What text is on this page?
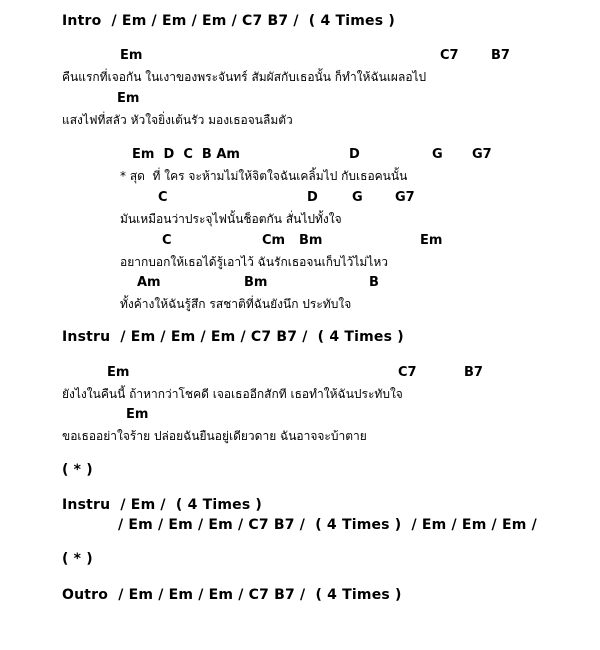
Intro  / Em / Em / Em / C7 B7 /  ( 4 Times )
Em	C7 B7
คืนแรกที่เจอกัน ในเงาของพระจันทร์ สัมผัสกับเธอนั้น ก็ทำให้ฉันเผลอไป
Em
แสงไฟที่สลัว หัวใจยิ่งเต้นรัว มองเธอจนลืมตัว
Em  D  C  B Am	D	G G7
* สุด  ที่ ใคร จะห้ามไม่ให้จิตใจฉันเคลิ้มไป กับเธอคนนั้น
C	D	G G7
มันเหมือนว่าประจุไฟนั้นช็อตกัน สั่นไปทั้งใจ
C	Cm Bm	Em
อยากบอกให้เธอได้รู้เอาไว้ ฉันรักเธอจนเก็บไว้ไม่ไหว
Am	Bm	B
ทั้งค้างให้ฉันรู้สึก รสชาติที่ฉันยังนึก ประทับใจ
Instru  / Em / Em / Em / C7 B7 /  ( 4 Times )
Em	C7	B7
ยังไงในคืนนี้ ถ้าหากว่าโชคดี เจอเธออีกสักที เธอทำให้ฉันประทับใจ
Em
ขอเธออย่าใจร้าย ปล่อยฉันยืนอยู่เดียวดาย ฉันอาจจะบ้าตาย
( * )
Instru  / Em /  ( 4 Times )
/ Em / Em / Em / C7 B7 /  ( 4 Times )  / Em / Em / Em /
( * )
Outro  / Em / Em / Em / C7 B7 /  ( 4 Times )
